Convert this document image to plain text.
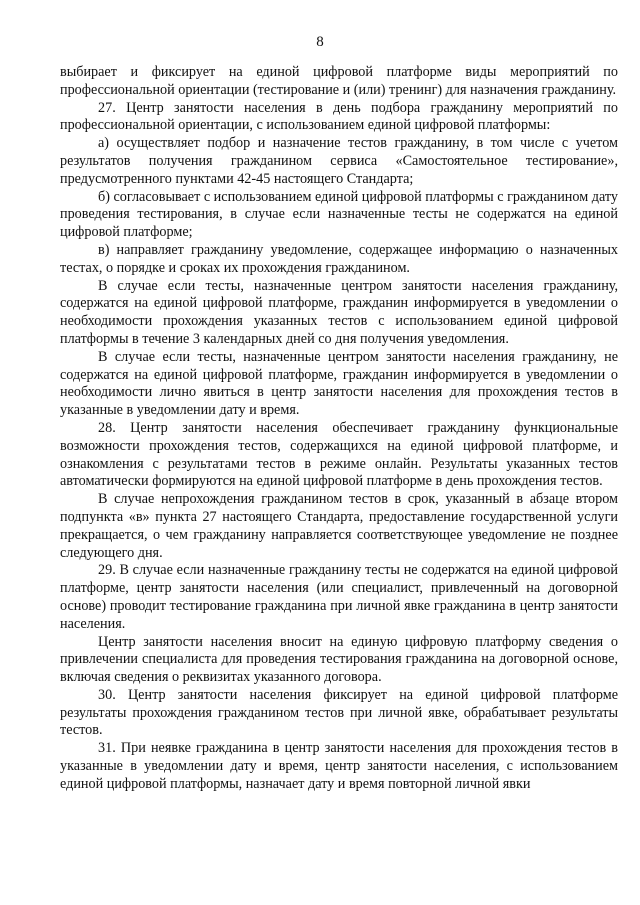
8

выбирает и фиксирует на единой цифровой платформе виды мероприятий по профессиональной ориентации (тестирование и (или) тренинг) для назначения гражданину.

27. Центр занятости населения в день подбора гражданину мероприятий по профессиональной ориентации, с использованием единой цифровой платформы:

а) осуществляет подбор и назначение тестов гражданину, в том числе с учетом результатов получения гражданином сервиса «Самостоятельное тестирование», предусмотренного пунктами 42-45 настоящего Стандарта;

б) согласовывает с использованием единой цифровой платформы с гражданином дату проведения тестирования, в случае если назначенные тесты не содержатся на единой цифровой платформе;

в) направляет гражданину уведомление, содержащее информацию о назначенных тестах, о порядке и сроках их прохождения гражданином.

В случае если тесты, назначенные центром занятости населения гражданину, содержатся на единой цифровой платформе, гражданин информируется в уведомлении о необходимости прохождения указанных тестов с использованием единой цифровой платформы в течение 3 календарных дней со дня получения уведомления.

В случае если тесты, назначенные центром занятости населения гражданину, не содержатся на единой цифровой платформе, гражданин информируется в уведомлении о необходимости лично явиться в центр занятости населения для прохождения тестов в указанные в уведомлении дату и время.

28. Центр занятости населения обеспечивает гражданину функциональные возможности прохождения тестов, содержащихся на единой цифровой платформе, и ознакомления с результатами тестов в режиме онлайн. Результаты указанных тестов автоматически формируются на единой цифровой платформе в день прохождения тестов.

В случае непрохождения гражданином тестов в срок, указанный в абзаце втором подпункта «в» пункта 27 настоящего Стандарта, предоставление государственной услуги прекращается, о чем гражданину направляется соответствующее уведомление не позднее следующего дня.

29. В случае если назначенные гражданину тесты не содержатся на единой цифровой платформе, центр занятости населения (или специалист, привлеченный на договорной основе) проводит тестирование гражданина при личной явке гражданина в центр занятости населения.

Центр занятости населения вносит на единую цифровую платформу сведения о привлечении специалиста для проведения тестирования гражданина на договорной основе, включая сведения о реквизитах указанного договора.

30. Центр занятости населения фиксирует на единой цифровой платформе результаты прохождения гражданином тестов при личной явке, обрабатывает результаты тестов.

31. При неявке гражданина в центр занятости населения для прохождения тестов в указанные в уведомлении дату и время, центр занятости населения, с использованием единой цифровой платформы, назначает дату и время повторной личной явки
